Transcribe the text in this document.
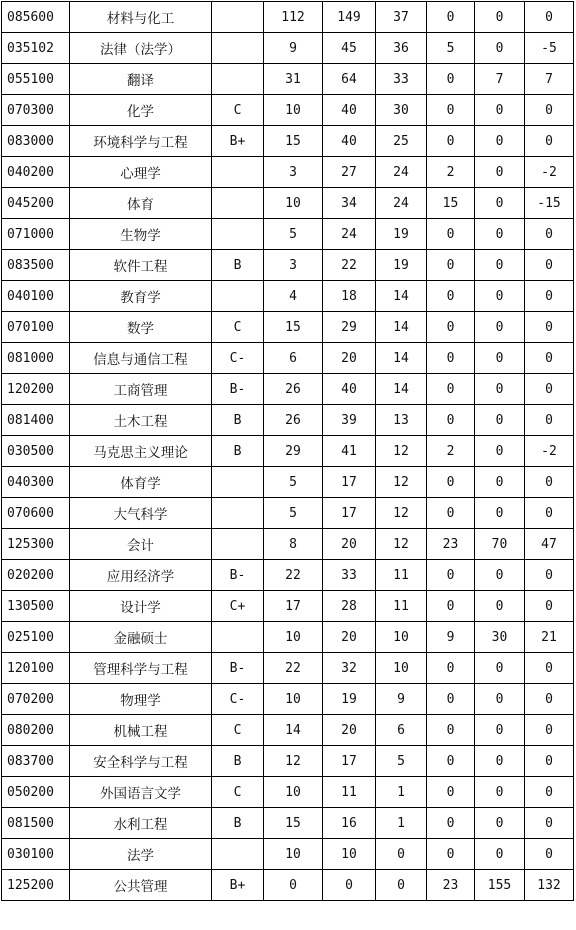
085600	材料与化工		112	149	37	0	0	0
035102	法律（法学）		9	45	36	5	0	-5
055100	翻译		31	64	33	0	7	7
070300	化学	C	10	40	30	0	0	0
083000	环境科学与工程	B+	15	40	25	0	0	0
040200	心理学		3	27	24	2	0	-2
045200	体育		10	34	24	15	0	-15
071000	生物学		5	24	19	0	0	0
083500	软件工程	B	3	22	19	0	0	0
040100	教育学		4	18	14	0	0	0
070100	数学	C	15	29	14	0	0	0
081000	信息与通信工程	C-	6	20	14	0	0	0
120200	工商管理	B-	26	40	14	0	0	0
081400	土木工程	B	26	39	13	0	0	0
030500	马克思主义理论	B	29	41	12	2	0	-2
040300	体育学		5	17	12	0	0	0
070600	大气科学		5	17	12	0	0	0
125300	会计		8	20	12	23	70	47
020200	应用经济学	B-	22	33	11	0	0	0
130500	设计学	C+	17	28	11	0	0	0
025100	金融硕士		10	20	10	9	30	21
120100	管理科学与工程	B-	22	32	10	0	0	0
070200	物理学	C-	10	19	9	0	0	0
080200	机械工程	C	14	20	6	0	0	0
083700	安全科学与工程	B	12	17	5	0	0	0
050200	外国语言文学	C	10	11	1	0	0	0
081500	水利工程	B	15	16	1	0	0	0
030100	法学		10	10	0	0	0	0
125200	公共管理	B+	0	0	0	23	155	132
